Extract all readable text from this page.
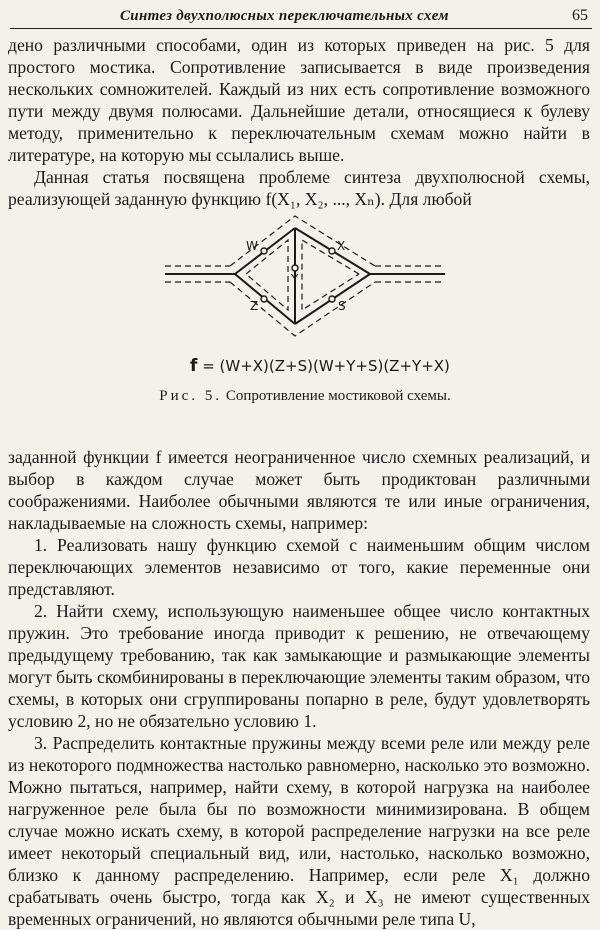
Синтез двухполюсных переключательных схем	65

дено различными способами, один из которых приведен на рис. 5 для простого мостика. Сопротивление записывается в виде произведения нескольких сомножителей. Каждый из них есть сопротивление возможного пути между двумя полюсами. Дальнейшие детали, относящиеся к булеву методу, применительно к переключательным схемам можно найти в литературе, на которую мы ссылались выше.

Данная статья посвящена проблеме синтеза двухполюсной схемы, реализующей заданную функцию f(X₁, X₂, ..., Xₙ). Для любой

W	X
Y
Z	S
f = (W+X)(Z+S)(W+Y+S)(Z+Y+X)
Рис. 5. Сопротивление мостиковой схемы.

заданной функции f имеется неограниченное число схемных реализаций, и выбор в каждом случае может быть продиктован различными соображениями. Наиболее обычными являются те или иные ограничения, накладываемые на сложность схемы, например:

1. Реализовать нашу функцию схемой с наименьшим общим числом переключающих элементов независимо от того, какие переменные они представляют.

2. Найти схему, использующую наименьшее общее число контактных пружин. Это требование иногда приводит к решению, не отвечающему предыдущему требованию, так как замыкающие и размыкающие элементы могут быть скомбинированы в переключающие элементы таким образом, что схемы, в которых они сгруппированы попарно в реле, будут удовлетворять условию 2, но не обязательно условию 1.

3. Распределить контактные пружины между всеми реле или между реле из некоторого подмножества настолько равномерно, насколько это возможно. Можно пытаться, например, найти схему, в которой нагрузка на наиболее нагруженное реле была бы по возможности минимизирована. В общем случае можно искать схему, в которой распределение нагрузки на все реле имеет некоторый специальный вид, или, настолько, насколько возможно, близко к данному распределению. Например, если реле X₁ должно срабатывать очень быстро, тогда как X₂ и X₃ не имеют существенных временных ограничений, но являются обычными реле типа U,
